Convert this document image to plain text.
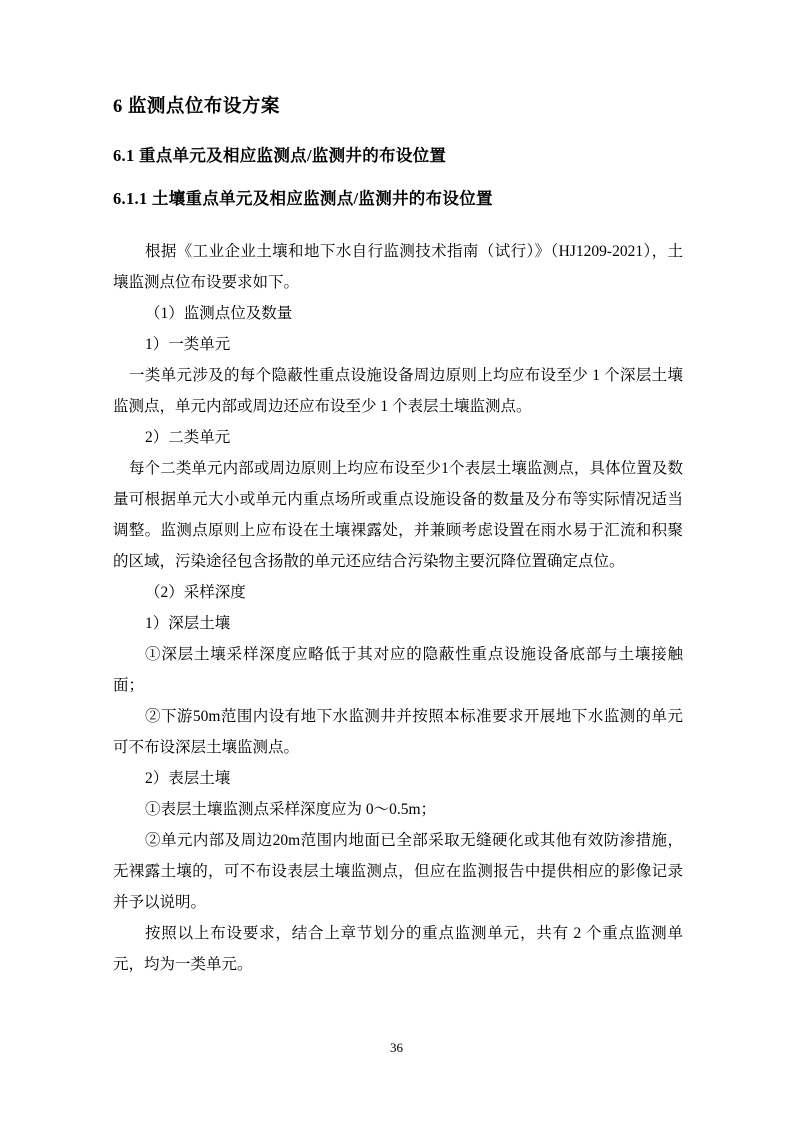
6 监测点位布设方案
6.1 重点单元及相应监测点/监测井的布设位置
6.1.1 土壤重点单元及相应监测点/监测井的布设位置

根据《工业企业土壤和地下水自行监测技术指南（试行）》（HJ1209-2021），土壤监测点位布设要求如下。

（1）监测点位及数量

1）一类单元

一类单元涉及的每个隐蔽性重点设施设备周边原则上均应布设至少 1 个深层土壤监测点，单元内部或周边还应布设至少 1 个表层土壤监测点。

2）二类单元

每个二类单元内部或周边原则上均应布设至少1个表层土壤监测点，具体位置及数量可根据单元大小或单元内重点场所或重点设施设备的数量及分布等实际情况适当调整。监测点原则上应布设在土壤裸露处，并兼顾考虑设置在雨水易于汇流和积聚的区域，污染途径包含扬散的单元还应结合污染物主要沉降位置确定点位。

（2）采样深度

1）深层土壤

①深层土壤采样深度应略低于其对应的隐蔽性重点设施设备底部与土壤接触面；

②下游50m范围内设有地下水监测井并按照本标准要求开展地下水监测的单元可不布设深层土壤监测点。

2）表层土壤

①表层土壤监测点采样深度应为 0～0.5m；

②单元内部及周边20m范围内地面已全部采取无缝硬化或其他有效防渗措施，无裸露土壤的，可不布设表层土壤监测点，但应在监测报告中提供相应的影像记录并予以说明。

按照以上布设要求，结合上章节划分的重点监测单元，共有 2 个重点监测单元，均为一类单元。

36
